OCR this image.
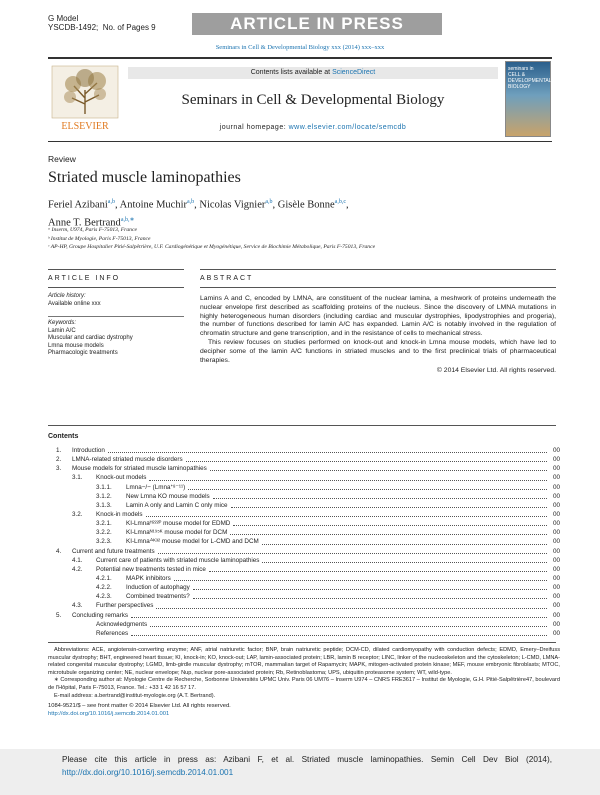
G Model
YSCDB-1492; No. of Pages 9	ARTICLE IN PRESS
Seminars in Cell & Developmental Biology xxx (2014) xxx–xxx
ELSEVIER
Contents lists available at ScienceDirect
Seminars in Cell & Developmental Biology
journal homepage: www.elsevier.com/locate/semcdb
seminars in CELL & DEVELOPMENTAL BIOLOGY
Review
Striated muscle laminopathies
Feriel Azibani$^{a,b}$, Antoine Muchir$^{a,b}$, Nicolas Vignier$^{a,b}$, Gisèle Bonne$^{a,b,c}$,
Anne T. Bertrand$^{a,b,∗}$
ᵃ Inserm, U974, Paris F-75013, France
ᵇ Institut de Myologie, Paris F-75013, France
ᶜ AP-HP, Groupe Hospitalier Pitié-Salpêtrière, U.F. Cardiogénétique et Myogénétique, Service de Biochimie Métabolique, Paris F-75013, France
ARTICLE INFO	ABSTRACT
Article history:
Available online xxx
Keywords:
Lamin A/C
Muscular and cardiac dystrophy
Lmna mouse models
Pharmacologic treatments

Lamins A and C, encoded by LMNA, are constituent of the nuclear lamina, a meshwork of proteins underneath the nuclear envelope first described as scaffolding proteins of the nucleus. Since the discovery of LMNA mutations in highly heterogeneous human disorders (including cardiac and muscular dystrophies, lipodystrophies and progeria), the number of functions described for lamin A/C has expanded. Lamin A/C is notably involved in the regulation of chromatin structure and gene transcription, and in the resistance of cells to mechanical stress.

This review focuses on studies performed on knock-out and knock-in Lmna mouse models, which have led to decipher some of the lamin A/C functions in striated muscles and to the first preclinical trials of pharmaceutical therapies.

© 2014 Elsevier Ltd. All rights reserved.
Contents
1.	Introduction	00
2.	LMNA-related striated muscle disorders	00
3.	Mouse models for striated muscle laminopathies	00
3.1.	Knock-out models	00
3.1.1.	Lmna−/− (Lmnaᐩ⁸⁻¹¹)	00
3.1.2.	New Lmna KO mouse models	00
3.1.3.	Lamin A only and Lamin C only mice	00
3.2.	Knock-in models	00
3.2.1.	KI-Lmnaᴴ²²²ᴾ mouse model for EDMD	00
3.2.2.	KI-Lmnaᴺ¹⁹⁵ᴷ mouse model for DCM	00
3.2.3.	KI-Lmnaᐞᴷ³² mouse model for L-CMD and DCM	00
4.	Current and future treatments	00
4.1.	Current care of patients with striated muscle laminopathies	00
4.2.	Potential new treatments tested in mice	00
4.2.1.	MAPK inhibitors	00
4.2.2.	Induction of autophagy	00
4.2.3.	Combined treatments?	00
4.3.	Further perspectives	00
5.	Concluding remarks	00
Acknowledgments	00
References	00

Abbreviations: ACE, angiotensin-converting enzyme; ANF, atrial natriuretic factor; BNP, brain natriuretic peptide; DCM-CD, dilated cardiomyopathy with conduction defects; EDMD, Emery–Dreifuss muscular dystrophy; BHT, engineered heart tissue; KI, knock-in; KO, knock-out; LAP, lamin-associated protein; LBR, lamin B receptor; LINC, linker of the nucleoskeleton and the cytoskeleton; L-CMD, LMNA-related congenital muscular dystrophy; LGMD, limb-girdle muscular dystrophy; mTOR, mammalian target of Rapamycin; MAPK, mitogen-activated protein kinase; MEF, mouse embryonic fibroblasts; MTOC, microtubule organizing center; NE, nuclear envelope; Nup, nuclear pore-associated protein; Rb, Retinoblastoma; UPS, ubiquitin proteasome system; WT, wild-type.

∗ Corresponding author at: Myologie Centre de Recherche, Sorbonne Universités UPMC Univ. Paris 06 UM76 – Inserm U974 – CNRS FRE3617 – Institut de Myologie, G.H. Pitié-Salpêtrière47, boulevard de l'Hôpital, Paris F-75013, France. Tel.: +33 1 42 16 57 17.

E-mail address: a.bertrand@institut-myologie.org (A.T. Bertrand).

1084-9521/$ – see front matter © 2014 Elsevier Ltd. All rights reserved.
http://dx.doi.org/10.1016/j.semcdb.2014.01.001
Please cite this article in press as: Azibani F, et al. Striated muscle laminopathies. Semin Cell Dev Biol (2014), http://dx.doi.org/10.1016/j.semcdb.2014.01.001
